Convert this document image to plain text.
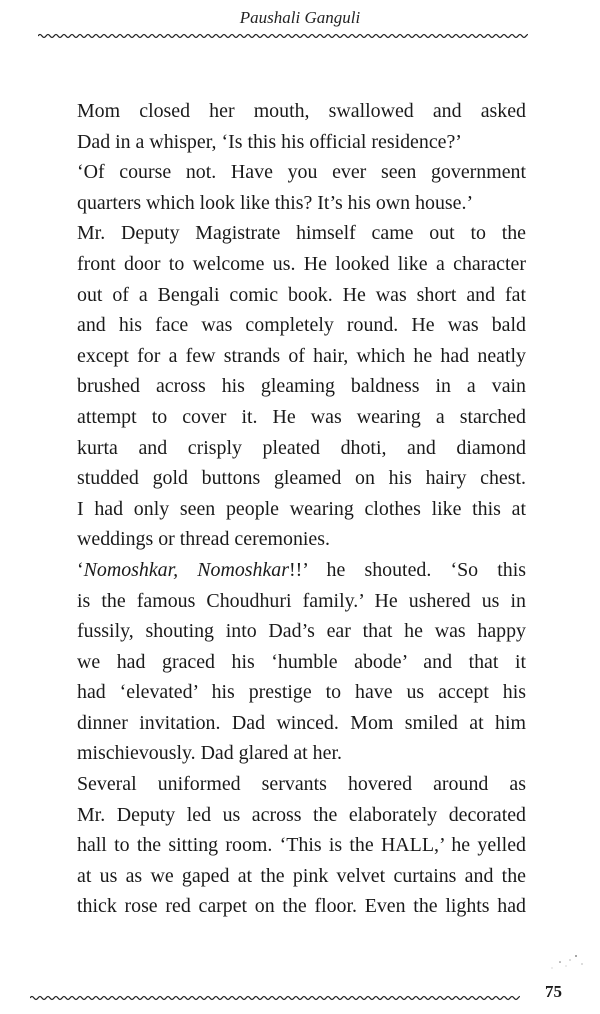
Paushali Ganguli
Mom closed her mouth, swallowed and asked
Dad in a whisper, ‘Is this his official residence?’
‘Of course not. Have you ever seen government
quarters which look like this? It’s his own house.’
Mr. Deputy Magistrate himself came out to the
front door to welcome us. He looked like a character
out of a Bengali comic book. He was short and fat
and his face was completely round. He was bald
except for a few strands of hair, which he had neatly
brushed across his gleaming baldness in a vain
attempt to cover it. He was wearing a starched
kurta and crisply pleated dhoti, and diamond
studded gold buttons gleamed on his hairy chest.
I had only seen people wearing clothes like this at
weddings or thread ceremonies.
‘Nomoshkar, Nomoshkar!!’ he shouted. ‘So this
is the famous Choudhuri family.’ He ushered us in
fussily, shouting into Dad’s ear that he was happy
we had graced his ‘humble abode’ and that it
had ‘elevated’ his prestige to have us accept his
dinner invitation. Dad winced. Mom smiled at him
mischievously. Dad glared at her.
Several uniformed servants hovered around as
Mr. Deputy led us across the elaborately decorated
hall to the sitting room. ‘This is the HALL,’ he yelled
at us as we gaped at the pink velvet curtains and the
thick rose red carpet on the floor. Even the lights had
75
